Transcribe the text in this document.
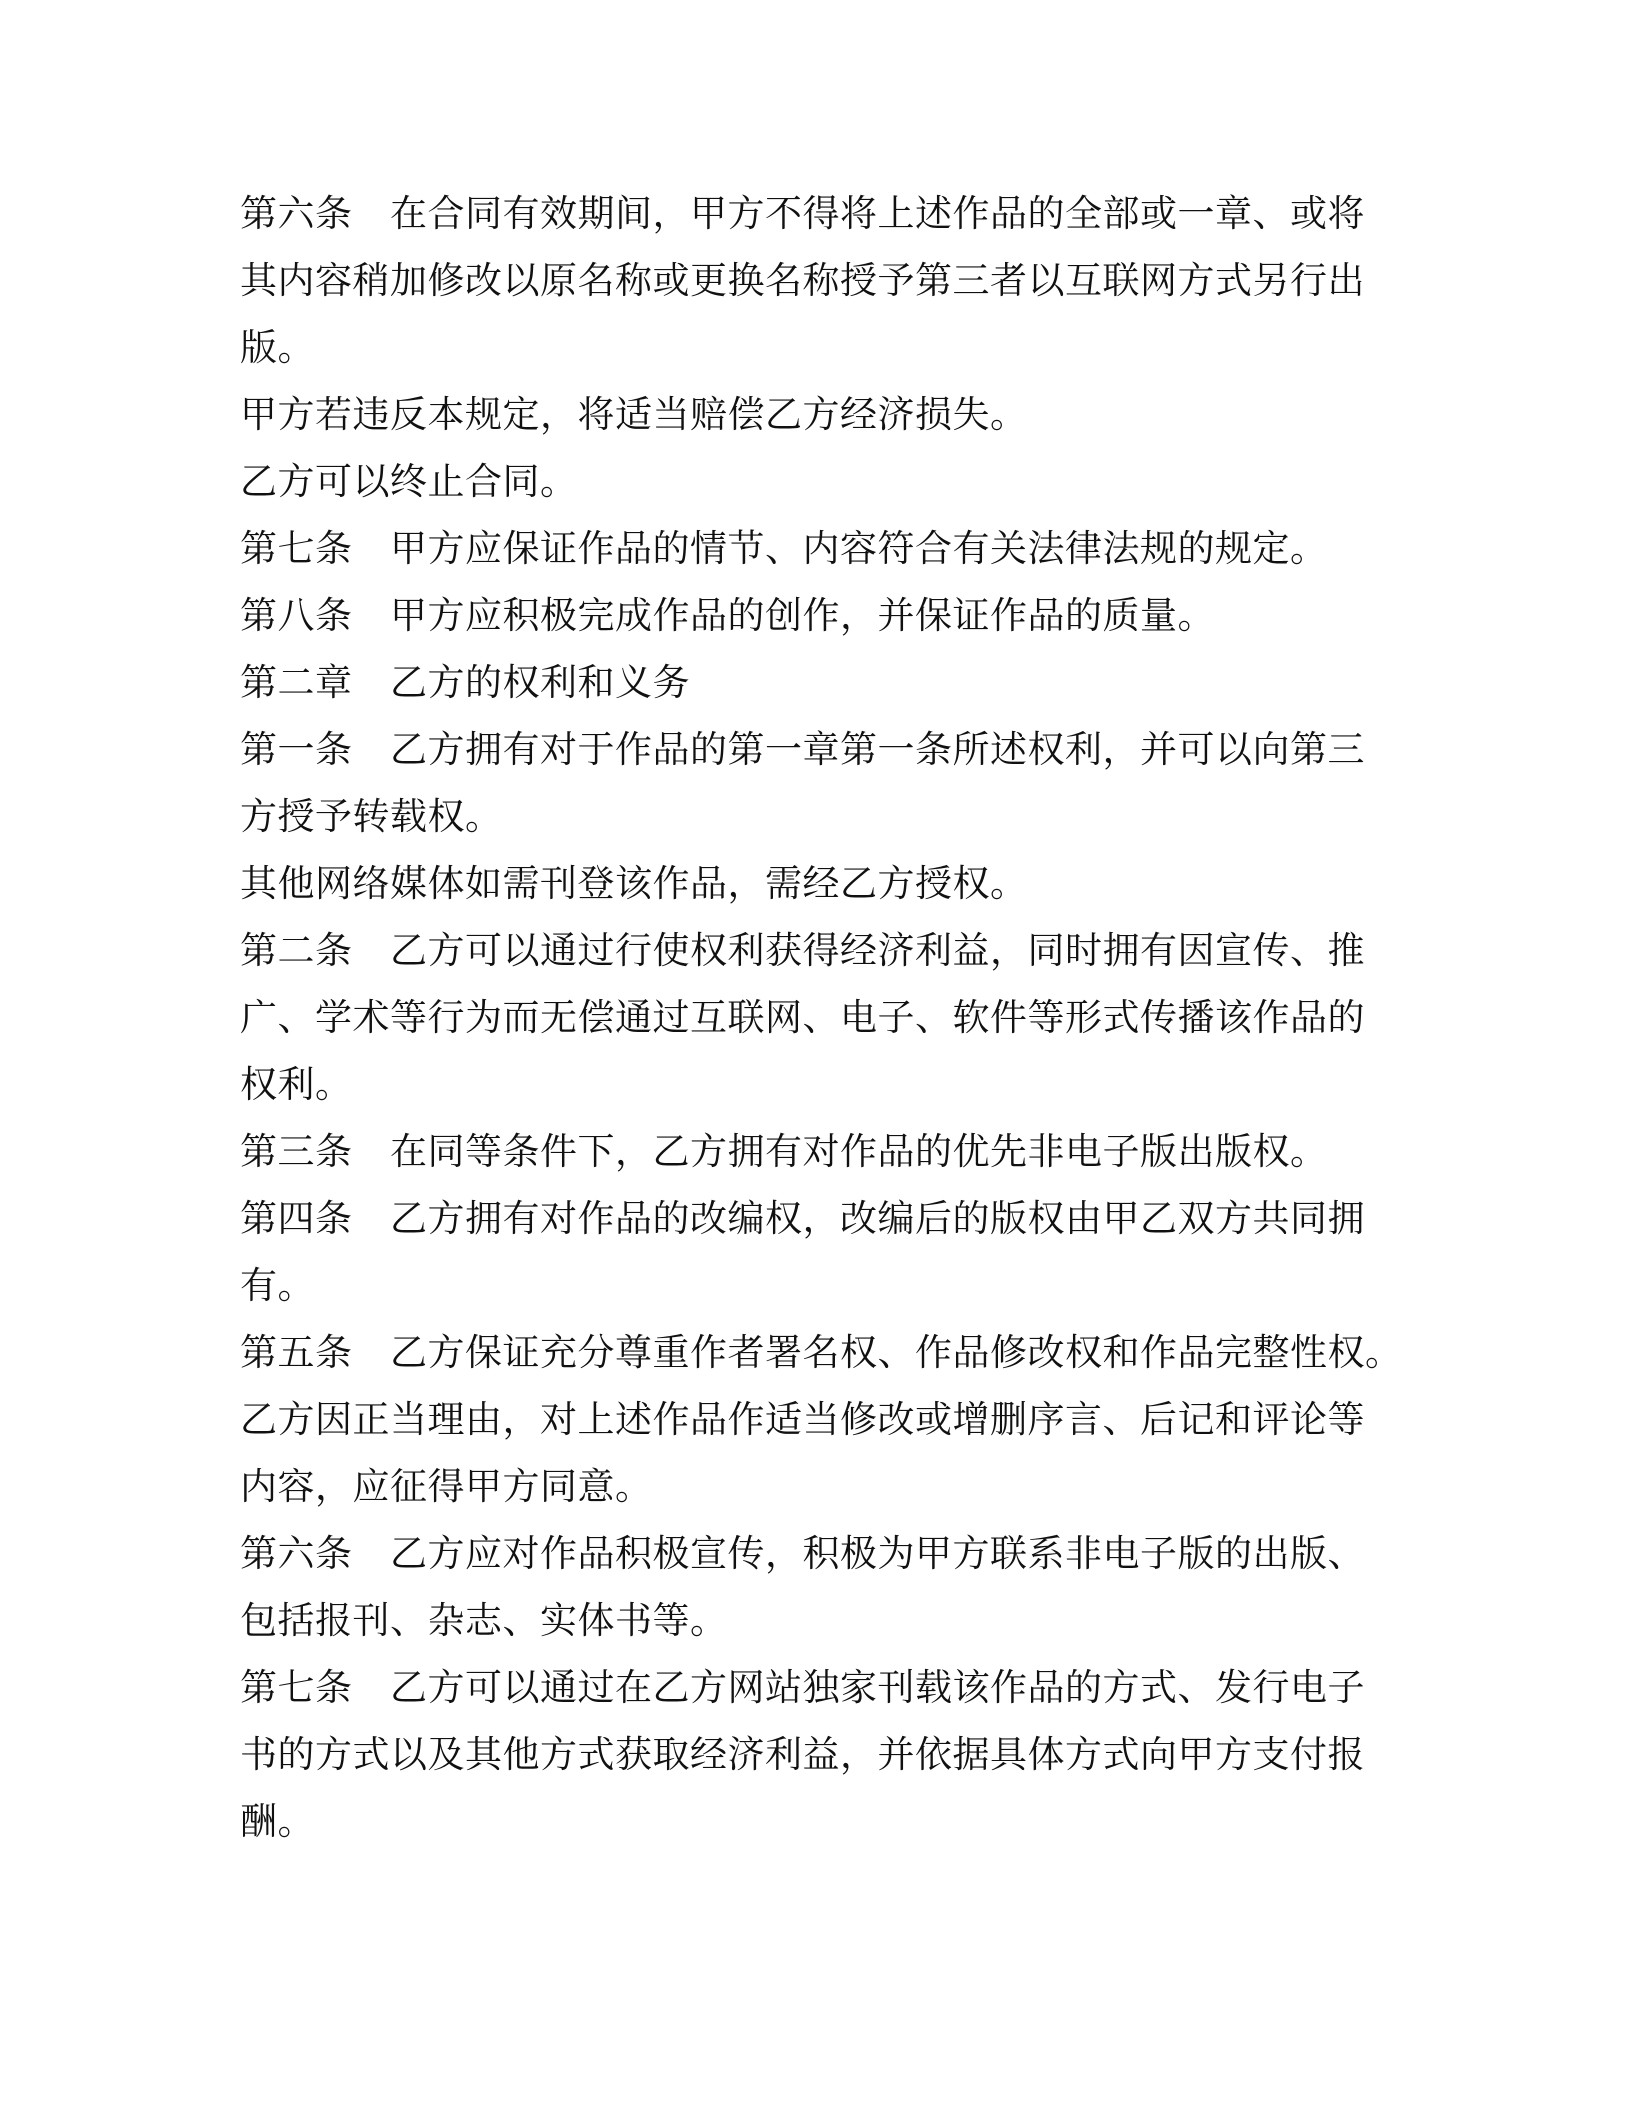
第六条　在合同有效期间，甲方不得将上述作品的全部或一章、或将
其内容稍加修改以原名称或更换名称授予第三者以互联网方式另行出
版。
甲方若违反本规定，将适当赔偿乙方经济损失。
乙方可以终止合同。
第七条　甲方应保证作品的情节、内容符合有关法律法规的规定。
第八条　甲方应积极完成作品的创作，并保证作品的质量。
第二章　乙方的权利和义务
第一条　乙方拥有对于作品的第一章第一条所述权利，并可以向第三
方授予转载权。
其他网络媒体如需刊登该作品，需经乙方授权。
第二条　乙方可以通过行使权利获得经济利益，同时拥有因宣传、推
广、学术等行为而无偿通过互联网、电子、软件等形式传播该作品的
权利。
第三条　在同等条件下，乙方拥有对作品的优先非电子版出版权。
第四条　乙方拥有对作品的改编权，改编后的版权由甲乙双方共同拥
有。
第五条　乙方保证充分尊重作者署名权、作品修改权和作品完整性权。
乙方因正当理由，对上述作品作适当修改或增删序言、后记和评论等
内容，应征得甲方同意。
第六条　乙方应对作品积极宣传，积极为甲方联系非电子版的出版、
包括报刊、杂志、实体书等。
第七条　乙方可以通过在乙方网站独家刊载该作品的方式、发行电子
书的方式以及其他方式获取经济利益，并依据具体方式向甲方支付报
酬。
